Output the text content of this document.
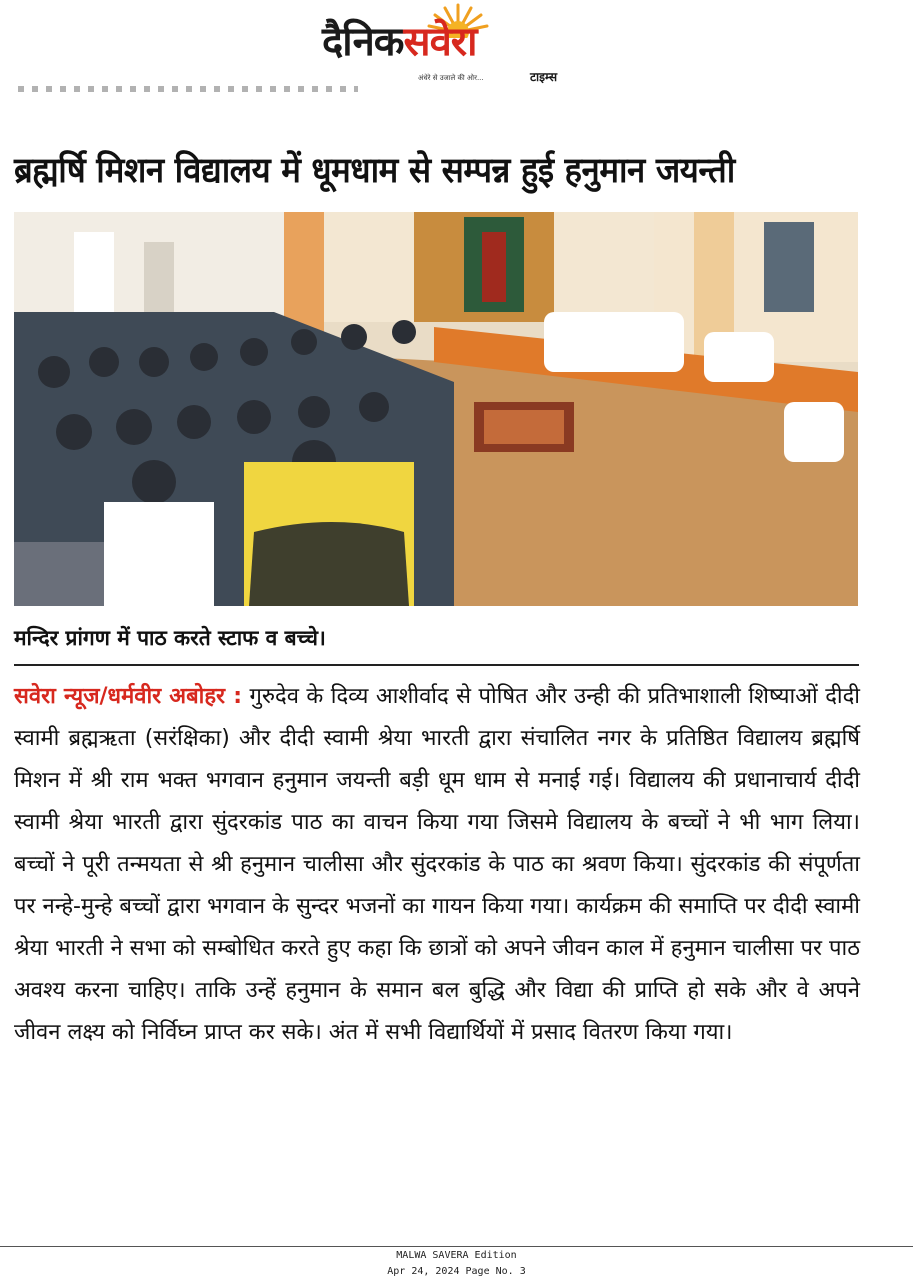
दैनिकसवेरा
अंधेरे से उजाले की ओर...	टाइम्स
ब्रह्मर्षि मिशन विद्यालय में धूमधाम से सम्पन्न हुई हनुमान जयन्ती
मन्दिर प्रांगण में पाठ करते स्टाफ व बच्चे।
सवेरा न्यूज/धर्मवीर अबोहर : गुरुदेव के दिव्य आशीर्वाद से पोषित और उन्ही की प्रतिभाशाली शिष्याओं दीदी स्वामी ब्रह्मऋता (सरंक्षिका) और दीदी स्वामी श्रेया भारती द्वारा संचालित नगर के प्रतिष्ठित विद्यालय ब्रह्मर्षि मिशन में श्री राम भक्त भगवान हनुमान जयन्ती बड़ी धूम धाम से मनाई गई। विद्यालय की प्रधानाचार्य दीदी स्वामी श्रेया भारती द्वारा सुंदरकांड पाठ का वाचन किया गया जिसमे विद्यालय के बच्चों ने भी भाग लिया। बच्चों ने पूरी तन्मयता से श्री हनुमान चालीसा और सुंदरकांड के पाठ का श्रवण किया। सुंदरकांड की संपूर्णता पर नन्हे-मुन्हे बच्चों द्वारा भगवान के सुन्दर भजनों का गायन किया गया। कार्यक्रम की समाप्ति पर दीदी स्वामी श्रेया भारती ने सभा को सम्बोधित करते हुए कहा कि छात्रों को अपने जीवन काल में हनुमान चालीसा पर पाठ अवश्य करना चाहिए। ताकि उन्हें हनुमान के समान बल बुद्धि और विद्या की प्राप्ति हो सके और वे अपने जीवन लक्ष्य को निर्विघ्न प्राप्त कर सके। अंत में सभी विद्यार्थियों में प्रसाद वितरण किया गया।
MALWA SAVERA Edition
Apr 24, 2024 Page No. 3
